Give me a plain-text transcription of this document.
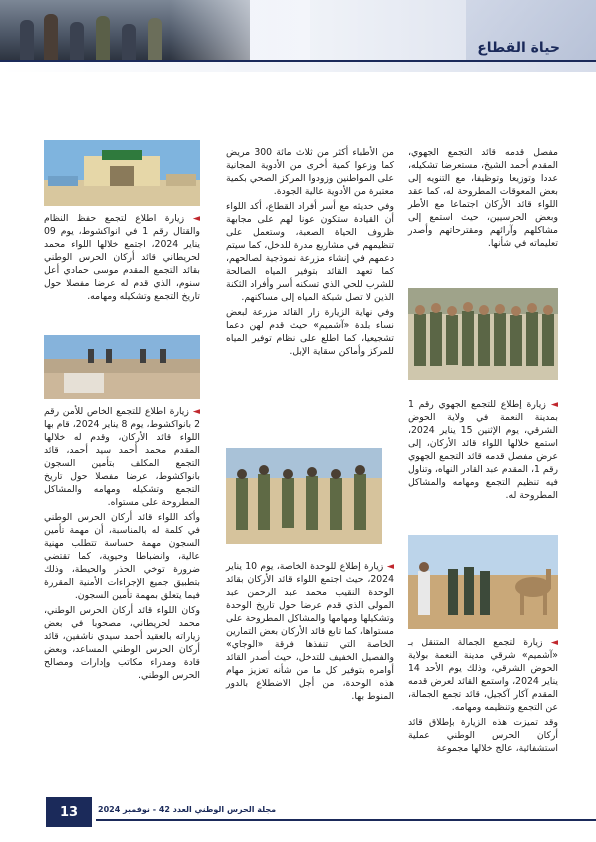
حياة القطاع

مفصل قدمه قائد التجمع الجهوي، المقدم أحمد الشيخ، مستعرضا تشكيله، عددا وتوزيعا وتوظيفا، مع التنويه إلى بعض المعوقات المطروحة له، كما عقد اللواء قائد الأركان اجتماعا مع الأطر وبعض الحرسيين، حيث استمع إلى مشاكلهم وآرائهم ومقترحاتهم وأصدر تعليماته في شأنها.

◄ زيارة إطلاع للتجمع الجهوي رقم 1 بمدينة النعمة في ولاية الحوض الشرقي، يوم الإثنين 15 يناير 2024، استمع خلالها اللواء قائد الأركان، إلى عرض مفصل قدمه قائد التجمع الجهوي رقم 1، المقدم عبد القادر النهاه، وتناول فيه تنظيم التجمع ومهامه والمشاكل المطروحة له.

◄ زيارة لتجمع الجمالة المتنقل بـ «آشميم» شرقي مدينة النعمة بولاية الحوض الشرقي، وذلك يوم الأحد 14 يناير 2024، واستمع القائد لعرض قدمه المقدم آكار آكجيل، قائد تجمع الجمالة، عن التجمع وتنظيمه ومهامه.

وقد تميزت هذه الزيارة بإطلاق قائد أركان الحرس الوطني عملية استشفائية، عالج خلالها مجموعة

من الأطباء أكثر من ثلاث مائة 300 مريض كما وزعوا كمية أخرى من الأدوية المجانية على المواطنين وزودوا المركز الصحي بكمية معتبرة من الأدوية عالية الجودة.

وفي حديثه مع أسر أفراد القطاع، أكد اللواء أن القيادة ستكون عونا لهم على مجابهة ظروف الحياة الصعبة، وستعمل على تنظيمهم في مشاريع مدرة للدخل، كما سيتم دعمهم في إنشاء مزرعة نموذجية لصالحهم، كما تعهد القائد بتوفير المياه الصالحة للشرب للحي الذي تسكنه أسر وأفراد الثكنة الذين لا تصل شبكة المياه إلى مساكنهم.

وفي نهاية الزيارة زار القائد مزرعة لبعض نساء بلدة «آشميم» حيث قدم لهن دعما تشجيعيا، كما اطلع على نظام توفير المياه للمركز وأماكن سقاية الإبل.

◄ زيارة إطلاع للوحدة الخاصة، يوم 10 يناير 2024، حيث اجتمع اللواء قائد الأركان بقائد الوحدة النقيب محمد عبد الرحمن عبد المولى الذي قدم عرضا حول تاريخ الوحدة وتشكيلها ومهامها والمشاكل المطروحة على مستواها، كما تابع قائد الأركان بعض التمارين الخاصة التي تنفذها فرقة «الوجاي» والفصيل الخفيف للتدخل، حيث أصدر القائد أوامره بتوفير كل ما من شأنه تعزيز مهام هذه الوحدة، من أجل الاضطلاع بالدور المنوط بها.

◄ زيارة اطلاع لتجمع حفظ النظام والقتال رقم 1 في انواكشوط، يوم 09 يناير 2024، اجتمع خلالها اللواء محمد لحريطاني قائد أركان الحرس الوطني بقائد التجمع المقدم موسى حمادي أعل سنوم، الذي قدم له عرضا مفصلا حول تاريخ التجمع وتشكيله ومهامه.

◄ زيارة اطلاع للتجمع الخاص للأمن رقم 2 بانواكشوط، يوم 8 يناير 2024، قام بها اللواء قائد الأركان، وقدم له خلالها المقدم محمد أحمد سيد أحمد، قائد التجمع المكلف بتأمين السجون بانواكشوط، عرضا مفصلا حول تاريخ التجمع وتشكيله ومهامه والمشاكل المطروحة على مستواه.

وأكد اللواء قائد أركان الحرس الوطني في كلمة له بالمناسبة، أن مهمة تأمين السجون مهمة حساسة تتطلب مهنية عالية، وانضباطا وحيوية، كما تقتضي ضرورة توخي الحذر والحيطة، وذلك بتطبيق جميع الإجراءات الأمنية المقررة فيما يتعلق بمهمة تأمين السجون.

وكان اللواء قائد أركان الحرس الوطني، محمد لحريطاني، مصحوبا في بعض زياراته بالعقيد أحمد سيدي ناشفين، قائد أركان الحرس الوطني المساعد، وبعض قادة ومدراء مكاتب وإدارات ومصالح الحرس الوطني.

13	مجلة الحرس الوطني العدد 42 - نوفمبر 2024
